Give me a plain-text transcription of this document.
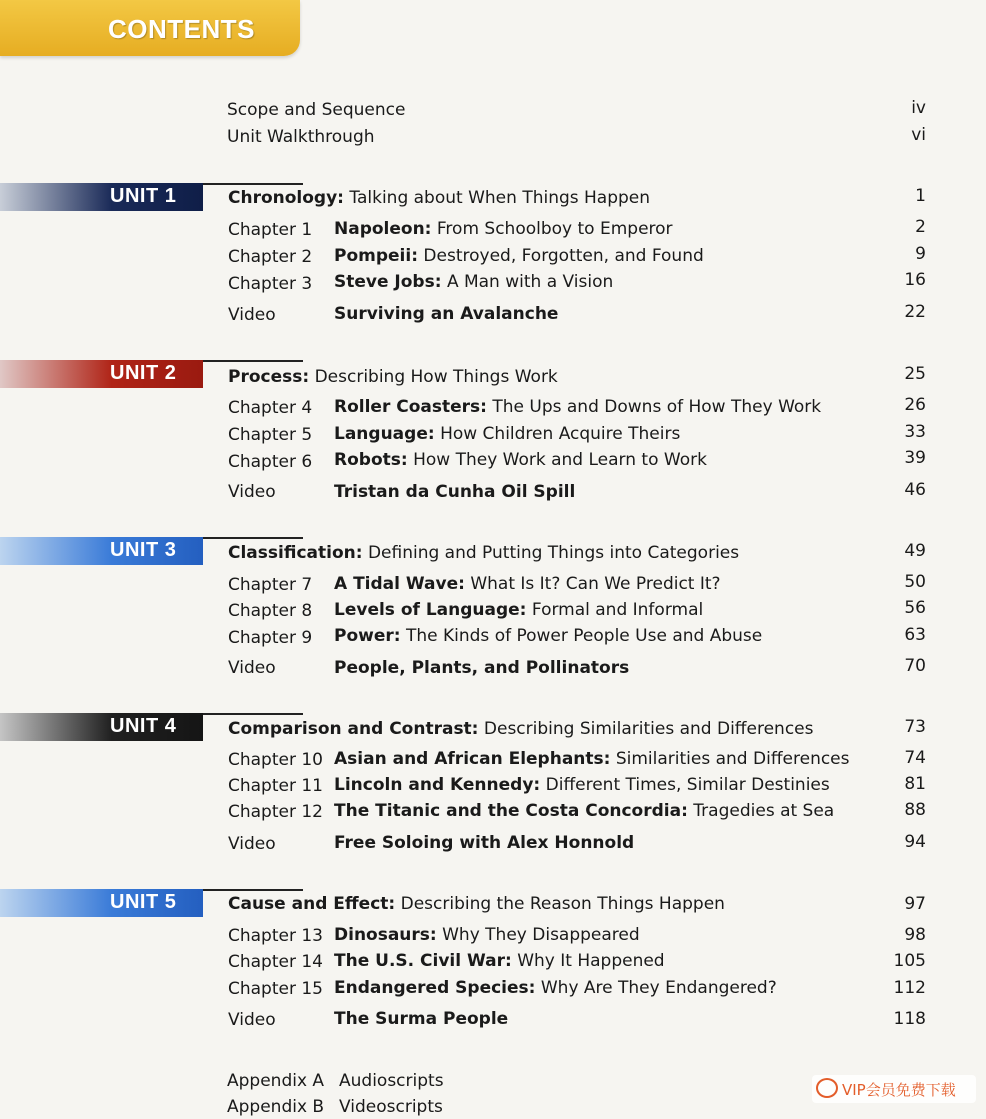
CONTENTS
Scope and Sequence	iv
Unit Walkthrough	vi
UNIT 1	Chronology: Talking about When Things Happen	1
Chapter 1 Napoleon: From Schoolboy to Emperor	2
Chapter 2 Pompeii: Destroyed, Forgotten, and Found	9
Chapter 3 Steve Jobs: A Man with a Vision	16
Video	Surviving an Avalanche	22
UNIT 2	Process: Describing How Things Work	25
Chapter 4 Roller Coasters: The Ups and Downs of How They Work	26
Chapter 5 Language: How Children Acquire Theirs	33
Chapter 6 Robots: How They Work and Learn to Work	39
Video	Tristan da Cunha Oil Spill	46
UNIT 3	Classification: Defining and Putting Things into Categories	49
Chapter 7 A Tidal Wave: What Is It? Can We Predict It?	50
Chapter 8 Levels of Language: Formal and Informal	56
Chapter 9 Power: The Kinds of Power People Use and Abuse	63
Video	People, Plants, and Pollinators	70
UNIT 4	Comparison and Contrast: Describing Similarities and Differences	73
Chapter 10 Asian and African Elephants: Similarities and Differences	74
Chapter 11 Lincoln and Kennedy: Different Times, Similar Destinies	81
Chapter 12 The Titanic and the Costa Concordia: Tragedies at Sea	88
Video	Free Soloing with Alex Honnold	94
UNIT 5	Cause and Effect: Describing the Reason Things Happen	97
Chapter 13 Dinosaurs: Why They Disappeared	98
Chapter 14 The U.S. Civil War: Why It Happened	105
Chapter 15 Endangered Species: Why Are They Endangered?	112
Video	The Surma People	118
Appendix A Audioscripts
Appendix B Videoscripts
VIP会员免费下载
